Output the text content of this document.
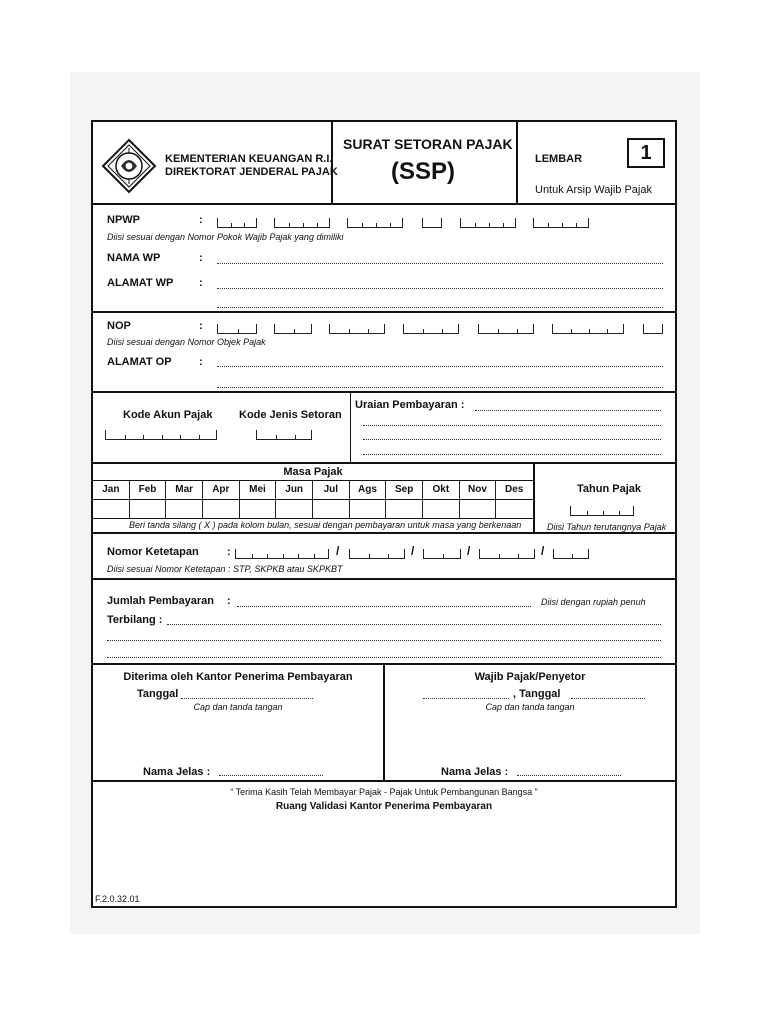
KEMENTERIAN KEUANGAN R.I.
DIREKTORAT JENDERAL PAJAK
SURAT SETORAN PAJAK
(SSP)	LEMBAR	1
Untuk Arsip Wajib Pajak
NPWP	:
Diisi sesuai dengan Nomor Pokok Wajib Pajak yang dimiliki
NAMA WP	:
ALAMAT WP :
NOP	:
Diisi sesuai dengan Nomor Objek Pajak
ALAMAT OP :
Kode Akun Pajak Kode Jenis Setoran
Uraian Pembayaran :
Masa Pajak
Jan	Feb	Mar	Apr	Mei	Jun	Jul	Ags	Sep	Okt	Nov	Des
Beri tanda silang ( X ) pada kolom bulan, sesuai dengan pembayaran untuk masa yang berkenaan
Tahun Pajak
Diisi Tahun terutangnya Pajak
Nomor Ketetapan	:	/	/	/	/
Diisi sesuai Nomor Ketetapan : STP, SKPKB atau SKPKBT
Jumlah Pembayaran :	Diisi dengan rupiah penuh
Terbilang :
Diterima oleh Kantor Penerima Pembayaran
Tanggal
Cap dan tanda tangan
Nama Jelas :
Wajib Pajak/Penyetor
, Tanggal
Cap dan tanda tangan
Nama Jelas :
“ Terima Kasih Telah Membayar Pajak - Pajak Untuk Pembangunan Bangsa ”
Ruang Validasi Kantor Penerima Pembayaran
F.2.0.32.01
